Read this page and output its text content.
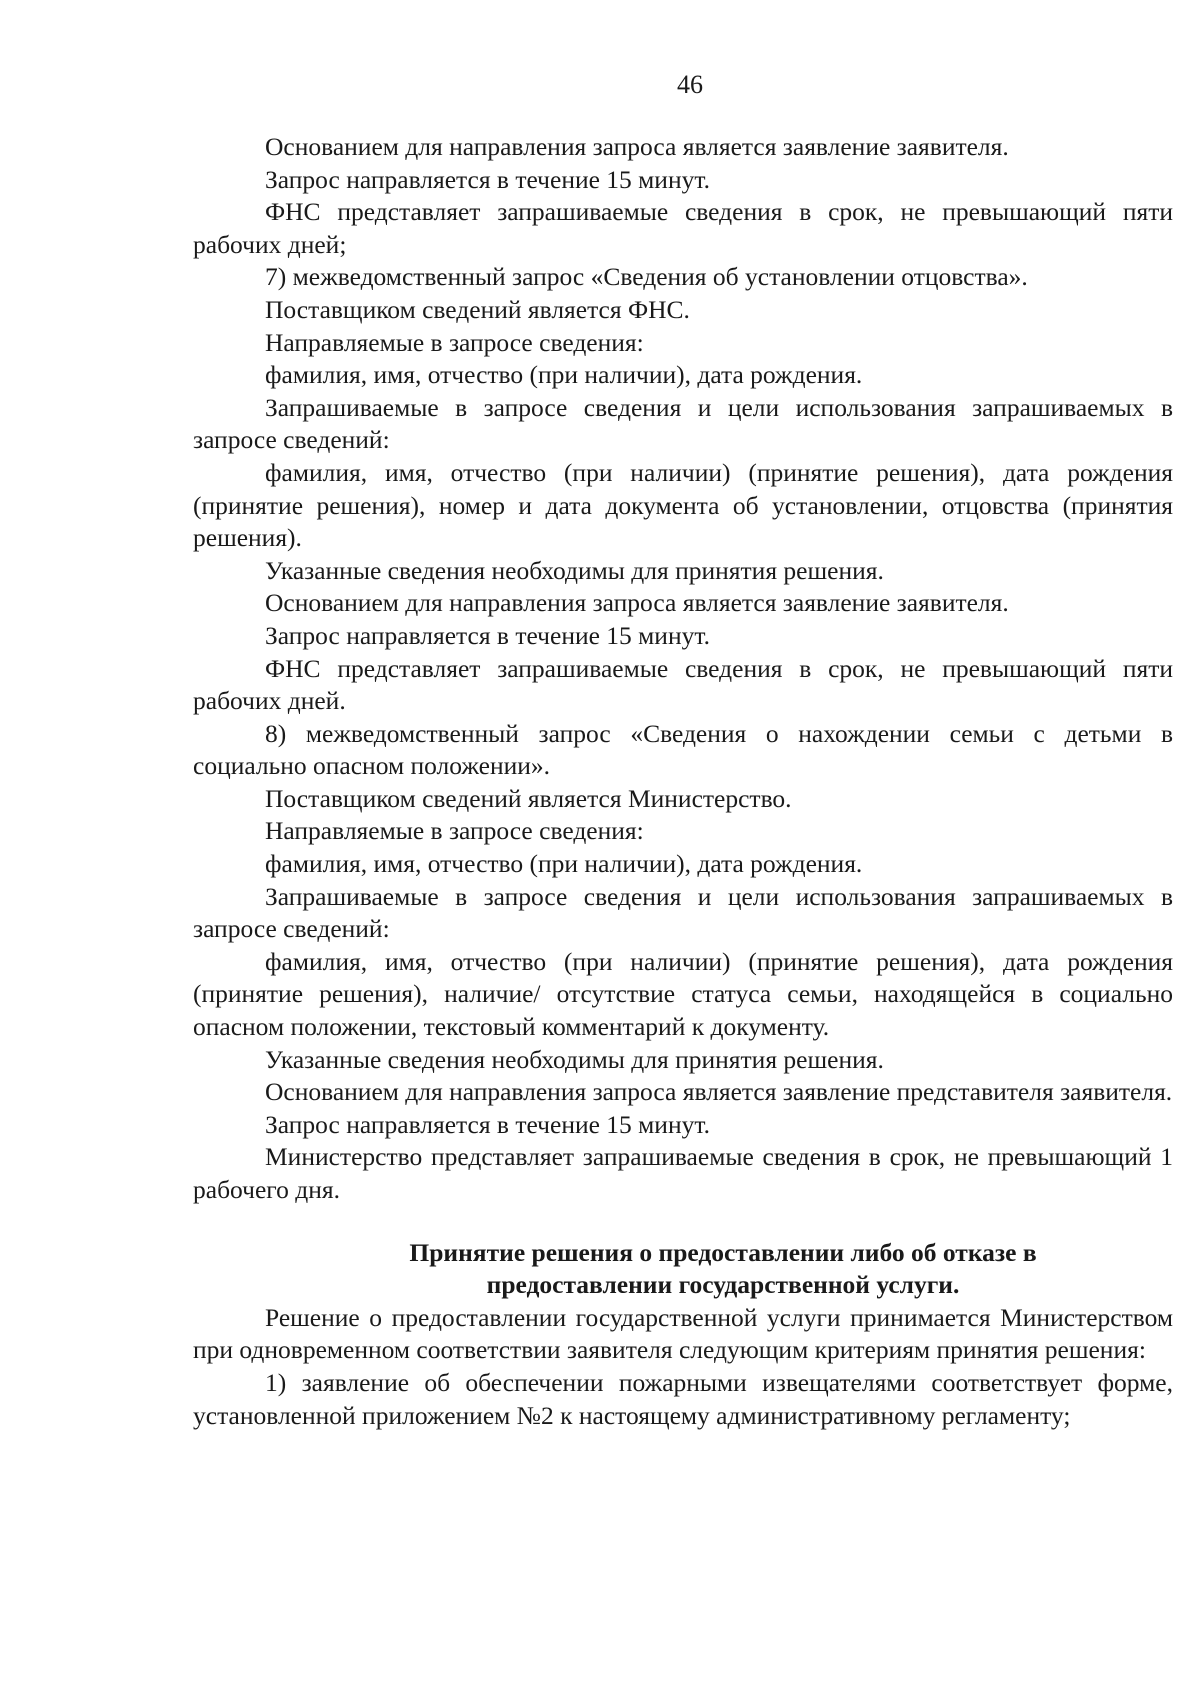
46

Основанием для направления запроса является заявление заявителя.

Запрос направляется в течение 15 минут.

ФНС представляет запрашиваемые сведения в срок, не превышающий пяти рабочих дней;

7) межведомственный запрос «Сведения об установлении отцовства».

Поставщиком сведений является ФНС.

Направляемые в запросе сведения:

фамилия, имя, отчество (при наличии), дата рождения.

Запрашиваемые в запросе сведения и цели использования запрашиваемых в запросе сведений:

фамилия, имя, отчество (при наличии) (принятие решения), дата рождения (принятие решения), номер и дата документа об установлении, отцовства (принятия решения).

Указанные сведения необходимы для принятия решения.

Основанием для направления запроса является заявление заявителя.

Запрос направляется в течение 15 минут.

ФНС представляет запрашиваемые сведения в срок, не превышающий пяти рабочих дней.

8) межведомственный запрос «Сведения о нахождении семьи с детьми в социально опасном положении».

Поставщиком сведений является Министерство.

Направляемые в запросе сведения:

фамилия, имя, отчество (при наличии), дата рождения.

Запрашиваемые в запросе сведения и цели использования запрашиваемых в запросе сведений:

фамилия, имя, отчество (при наличии) (принятие решения), дата рождения (принятие решения), наличие/ отсутствие статуса семьи, находящейся в социально опасном положении, текстовый комментарий к документу.

Указанные сведения необходимы для принятия решения.

Основанием для направления запроса является заявление представителя заявителя.

Запрос направляется в течение 15 минут.

Министерство представляет запрашиваемые сведения в срок, не превышающий 1 рабочего дня.

Принятие решения о предоставлении либо об отказе в предоставлении государственной услуги.

Решение о предоставлении государственной услуги принимается Министерством при одновременном соответствии заявителя следующим критериям принятия решения:

1) заявление об обеспечении пожарными извещателями соответствует форме, установленной приложением №2 к настоящему административному регламенту;
